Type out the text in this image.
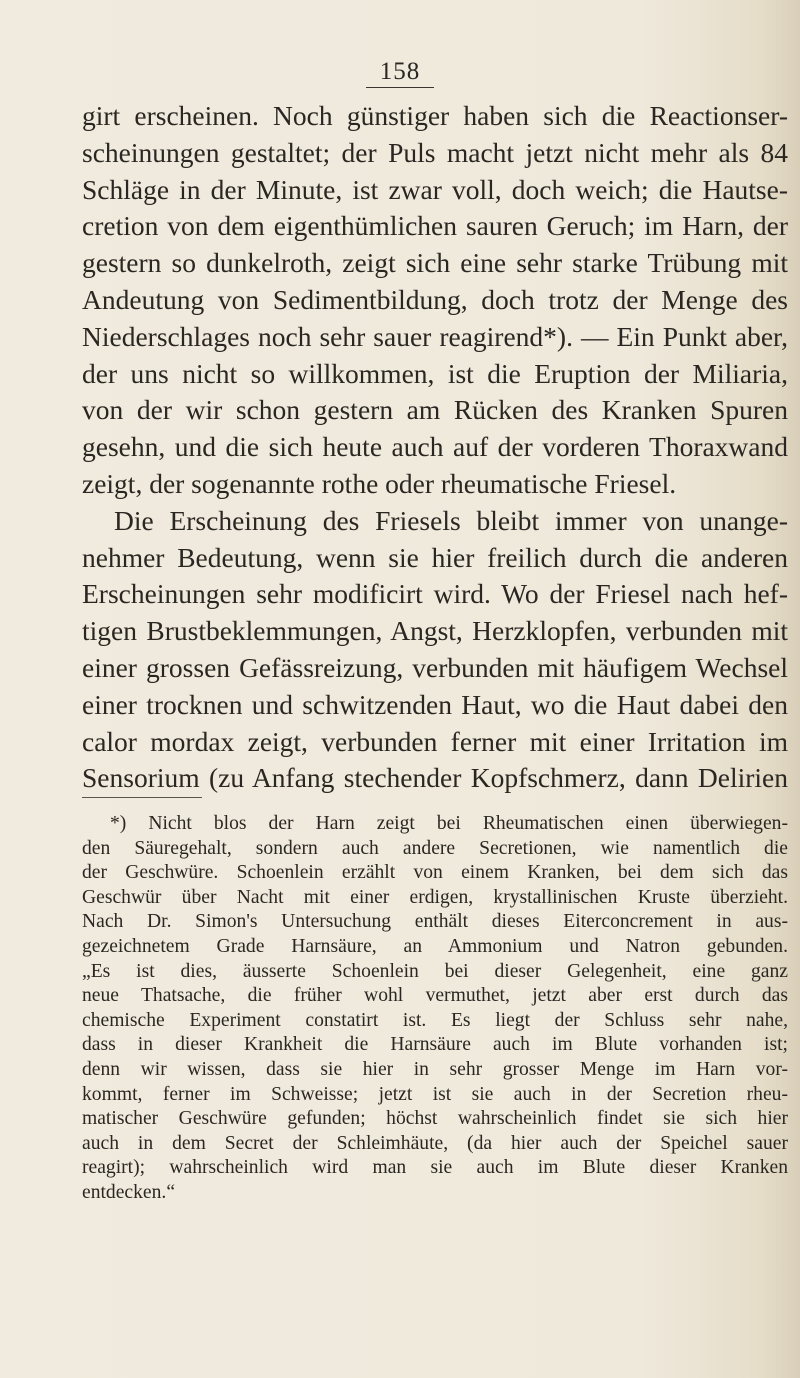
158
girt erscheinen. Noch günstiger haben sich die Reactionser-
scheinungen gestaltet; der Puls macht jetzt nicht mehr als 84
Schläge in der Minute, ist zwar voll, doch weich; die Hautse-
cretion von dem eigenthümlichen sauren Geruch; im Harn, der
gestern so dunkelroth, zeigt sich eine sehr starke Trübung mit
Andeutung von Sedimentbildung, doch trotz der Menge des
Niederschlages noch sehr sauer reagirend*). — Ein Punkt aber,
der uns nicht so willkommen, ist die Eruption der Miliaria,
von der wir schon gestern am Rücken des Kranken Spuren
gesehn, und die sich heute auch auf der vorderen Thoraxwand
zeigt, der sogenannte rothe oder rheumatische Friesel.
Die Erscheinung des Friesels bleibt immer von unange-
nehmer Bedeutung, wenn sie hier freilich durch die anderen
Erscheinungen sehr modificirt wird. Wo der Friesel nach hef-
tigen Brustbeklemmungen, Angst, Herzklopfen, verbunden mit
einer grossen Gefässreizung, verbunden mit häufigem Wechsel
einer trocknen und schwitzenden Haut, wo die Haut dabei den
calor mordax zeigt, verbunden ferner mit einer Irritation im
Sensorium (zu Anfang stechender Kopfschmerz, dann Delirien
*) Nicht blos der Harn zeigt bei Rheumatischen einen überwiegen-
den Säuregehalt, sondern auch andere Secretionen, wie namentlich die
der Geschwüre. Schoenlein erzählt von einem Kranken, bei dem sich das
Geschwür über Nacht mit einer erdigen, krystallinischen Kruste überzieht.
Nach Dr. Simon's Untersuchung enthält dieses Eiterconcrement in aus-
gezeichnetem Grade Harnsäure, an Ammonium und Natron gebunden.
„Es ist dies, äusserte Schoenlein bei dieser Gelegenheit, eine ganz
neue Thatsache, die früher wohl vermuthet, jetzt aber erst durch das
chemische Experiment constatirt ist. Es liegt der Schluss sehr nahe,
dass in dieser Krankheit die Harnsäure auch im Blute vorhanden ist;
denn wir wissen, dass sie hier in sehr grosser Menge im Harn vor-
kommt, ferner im Schweisse; jetzt ist sie auch in der Secretion rheu-
matischer Geschwüre gefunden; höchst wahrscheinlich findet sie sich hier
auch in dem Secret der Schleimhäute, (da hier auch der Speichel sauer
reagirt); wahrscheinlich wird man sie auch im Blute dieser Kranken
entdecken.“
